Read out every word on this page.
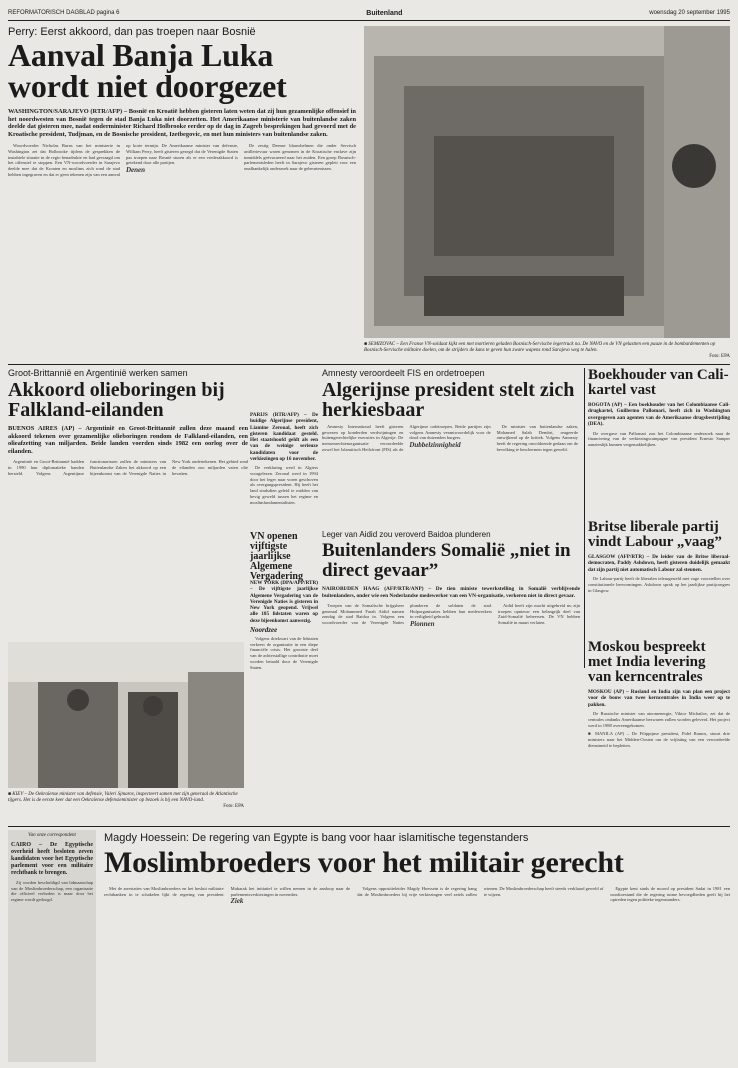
REFORMATORISCH DAGBLAD pagina 6	Buitenland	woensdag 20 september 1995
Perry: Eerst akkoord, dan pas troepen naar Bosnië
Aanval Banja Luka wordt niet doorgezet
WASHINGTON/SARAJEVO (RTR/AFP) – Bosnië en Kroatië hebben gisteren laten weten dat zij hun gezamenlijke offensief in het noordwesten van Bosnië tegen de stad Banja Luka niet doorzetten. Het Amerikaanse ministerie van buitenlandse zaken deelde dat gisteren mee, nadat onderminister Richard Holbrooke eerder op de dag in Zagreb besprekingen had gevoerd met de Kroatische president, Tudjman, en de Bosnische president, Izetbegovic, en met hun ministers van buitenlandse zaken.

Woordvoerder Nicholas Burns van het ministerie in Washington zei dat Holbrooke tijdens de gesprekken de instabiele situatie in de regio benadrukte en had gevraagd om het offensief te stoppen. Een VN-woordvoerder in Sarajevo deelde mee dat de Kroaten en moslims zich rond de stad hebben ingegraven en dat er geen tekenen zijn van een aanval op korte termijn. De Amerikaanse minister van defensie, William Perry, heeft gisteren gezegd dat de Verenigde Staten pas troepen naar Bosnië sturen als er een vredesakkoord is getekend door alle partijen.

Denen

De zestig Deense blauwhelmen die onder Servisch artillerievuur waren genomen in de Kroatische enclave zijn inmiddels geëvacueerd naar het zuiden. Een groep Bosnisch-parlementsleden heeft in Sarajevo gisteren gepleit voor een onafhankelijk onderzoek naar de gebeurtenissen.

■ SEMIZOVAC – Een Franse VN-soldaat kijkt een met mortieren geladen Bosnisch-Servische legertruck na. De NAVO en de VN gelastten een pauze in de bombardementen op Bosnisch-Servische militaire doelen, om de strijders de kans te geven hun zware wapens rond Sarajevo weg te halen.
Foto: EPA
Groot-Brittannië en Argentinië werken samen
Akkoord olieboringen bij Falkland-eilanden
BUENOS AIRES (AP) – Argentinië en Groot-Brittannië zullen deze maand een akkoord tekenen over gezamenlijke olieboringen rondom de Falkland-eilanden, een olieafzetting van miljarden. Beide landen voerden sinds 1982 een oorlog over de eilanden.

Argentinië en Groot-Brittannië hadden in 1990 hun diplomatieke banden hersteld. Volgens Argentijnse functionarissen zullen de ministers van Buitenlandse Zaken het akkoord op een bijeenkomst van de Verenigde Naties in New York ondertekenen. Het gebied rond de eilanden zou miljarden vaten olie bevatten.

PARIJS (RTR/AFP) – De huidige Algerijnse president, Liamine Zeroual, heeft zich gisteren kandidaat gesteld. Het staatshoofd geldt als een van de weinige serieuze kandidaten voor de verkiezingen op 16 november.

De verklaring werd in Algiers voorgelezen. Zeroual werd in 1994 door het leger naar voren geschoven als overgangspresident. Hij heeft het land sindsdien geleid te midden van hevig geweld tussen het regime en moslimfundamentalisten.

Amnesty veroordeelt FIS en ordetroepen
Algerijnse president stelt zich herkiesbaar

Amnesty International heeft gisteren gewezen op honderden verdwijningen en buitengerechtelijke executies in Algerije. De mensenrechtenorganisatie veroordeelde zowel het Islamitisch Heilsfront (FIS) als de Algerijnse ordetroepen. Beide partijen zijn volgens Amnesty verantwoordelijk voor de dood van duizenden burgers.

Dubbelzinnigheid

De minister van buitenlandse zaken, Mohamed Salah Dembri, reageerde ontwijkend op de kritiek. Volgens Amnesty heeft de regering onvoldoende gedaan om de bevolking te beschermen tegen geweld.

Boekhouder van Cali-kartel vast
BOGOTA (AP) – Een boekhouder van het Colombiaanse Cali-drugkartel, Guillermo Pallomari, heeft zich in Washington overgegeven aan agenten van de Amerikaanse drugsbestrijding (DEA).

De overgave van Pallomari zou het Colombiaanse onderzoek naar de financiering van de verkiezingscampagne van president Ernesto Samper aanzienlijk kunnen vergemakkelijken.

Britse liberale partij vindt Labour „vaag”
GLASGOW (AFP/RTR) – De leider van de Britse liberaal-democraten, Paddy Ashdown, heeft gisteren duidelijk gemaakt dat zijn partij niet automatisch Labour zal steunen.

De Labour-partij heeft de liberalen teleurgesteld met vage voorstellen over constitutionele hervormingen. Ashdown sprak op het jaarlijkse partijcongres in Glasgow.

VN openen vijftigste jaarlijkse Algemene Vergadering
NEW YORK (DPA/AFP/RTR) – De vijftigste jaarlijkse Algemene Vergadering van de Verenigde Naties is gisteren in New York geopend. Vrijwel alle 185 lidstaten waren op deze bijeenkomst aanwezig.
Noordzee

Volgens driekwart van de lidstaten verkeert de organisatie in een diepe financiële crisis. Het grootste deel van de achterstallige contributie moet worden betaald door de Verenigde Staten.

Leger van Aidid zou veroverd Baidoa plunderen
Buitenlanders Somalië „niet in direct gevaar”
NAIROBI/DEN HAAG (AFP/RTR/ANP) – De tien ministe tewerkstelling in Somalië verblijvende buitenlanders, onder wie een Nederlandse medewerker van een VN-organisatie, verkeren niet in direct gevaar.

Troepen van de Somalische krijgsheer generaal Mohammed Farah Aidid namen zondag de stad Baidoa in. Volgens een woordvoerder van de Verenigde Naties plunderen de soldaten de stad. Hulporganisaties hebben hun medewerkers in veiligheid gebracht.

Pionnen

Aidid heeft zijn macht uitgebreid nu zijn troepen opnieuw een belangrijk deel van Zuid-Somalië beheersen. De VN hebben Somalië in maart verlaten.

Moskou bespreekt met India levering van kerncentrales
MOSKOU (AP) – Rusland en India zijn van plan een project voor de bouw van twee kerncentrales in India weer op te pakken.

De Russische minister van atoomenergie, Viktor Michailov, zei dat de centrales ondanks Amerikaanse bezwaren zullen worden geleverd. Het project werd in 1988 overeengekomen.

■ MANILA (AP) – De Filippijnse president, Fidel Ramos, stuurt drie ministers naar het Midden-Oosten om de vrijlating van een veroordeelde dienstmeid te bepleiten.

■ KIEV – De Oekraïense minister van defensie, Valeri Sjmarov, inspecteert samen met zijn generaal de Atlantische tijgers. Het is de eerste keer dat een Oekraïense defensieminister op bezoek is bij een NAVO-land.
Foto: EPA
Van onze correspondent
CAIRO – De Egyptische overheid heeft besloten zeven kandidaten voor het Egyptische parlement voor een militaire rechtbank te brengen.

Zij worden beschuldigd van lidmaatschap van de Moslimbroederschap, een organisatie die officieel verboden is maar door het regime wordt gedoogd.

Magdy Hoessein: De regering van Egypte is bang voor haar islamitische tegenstanders
Moslimbroeders voor het militair gerecht

Met de arrestaties van Moslimbroeders en het besluit militaire rechtbanken in te schakelen lijkt de regering van president Mubarak het initiatief te willen nemen in de aanloop naar de parlementsverkiezingen in november.

Ziek

Volgens oppositieleider Magdy Hoessein is de regering bang dat de Moslimbroeders bij vrije verkiezingen veel zetels zullen winnen. De Moslimbroederschap heeft steeds verklaard geweld af te wijzen.

Egypte kent sinds de moord op president Sadat in 1981 een noodtoestand die de regering ruime bevoegdheden geeft bij het optreden tegen politieke tegenstanders.
